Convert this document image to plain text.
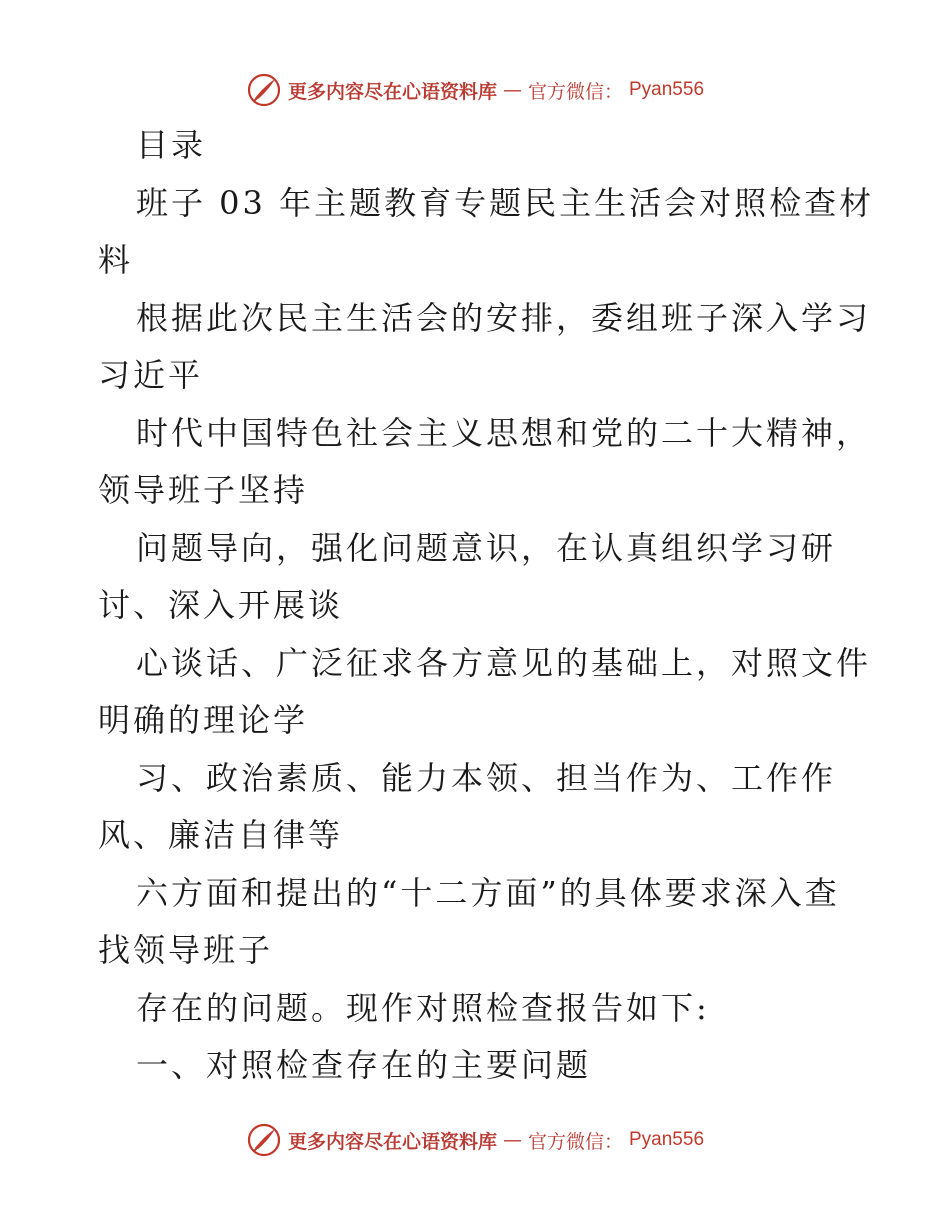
更多内容尽在心语资料库 — 官方微信： Pyan556

目录

班子 03 年主题教育专题民主生活会对照检查材

料

根据此次民主生活会的安排，委组班子深入学习

习近平

时代中国特色社会主义思想和党的二十大精神，

领导班子坚持

问题导向，强化问题意识，在认真组织学习研

讨、深入开展谈

心谈话、广泛征求各方意见的基础上，对照文件

明确的理论学

习、政治素质、能力本领、担当作为、工作作

风、廉洁自律等

六方面和提出的“十二方面”的具体要求深入查

找领导班子

存在的问题。现作对照检查报告如下:

一、对照检查存在的主要问题

更多内容尽在心语资料库 — 官方微信： Pyan556
